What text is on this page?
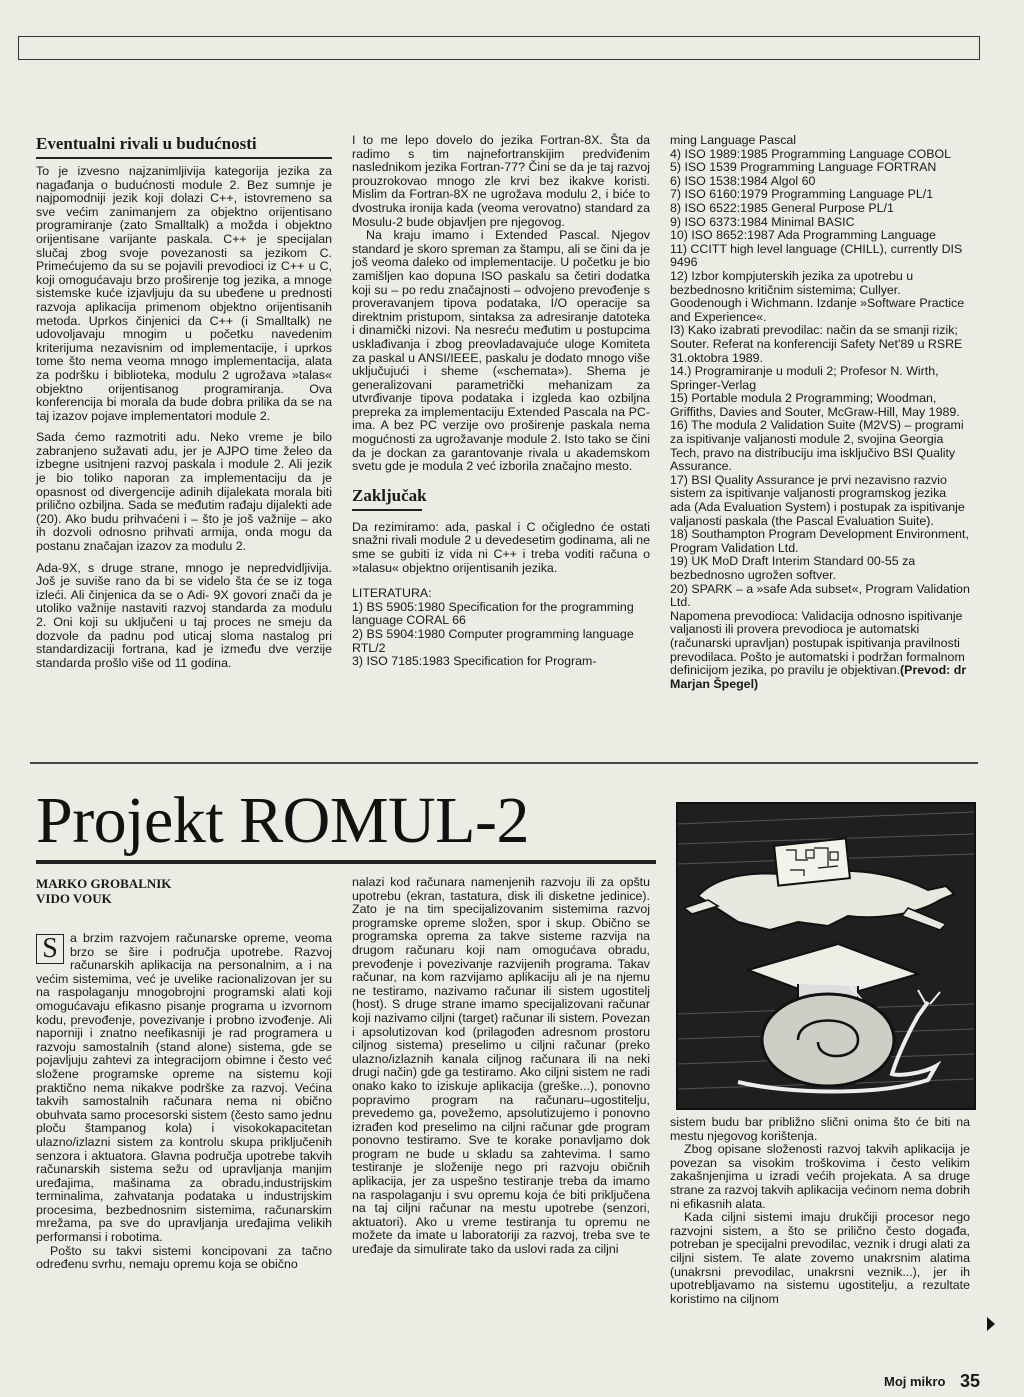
Eventualni rivali u budućnosti

To je izvesno najzanimljivija kategorija jezika za nagađanja o budućnosti module 2. Bez sumnje je najpomodniji jezik koji dolazi C++, istovremeno sa sve većim zanimanjem za objektno orijentisano programiranje (zato Smalltalk) a možda i objektno orijentisane varijante paskala. C++ je specijalan slučaj zbog svoje povezanosti sa jezikom C. Primećujemo da su se pojavili prevodioci iz C++ u C, koji omogućavaju brzo proširenje tog jezika, a mnoge sistemske kuće izjavljuju da su ubeđene u prednosti razvoja aplikacija primenom objektno orijentisanih metoda. Uprkos činjenici da C++ (i Smalltalk) ne udovoljavaju mnogim u početku navedenim kriterijuma nezavisnim od implementacije, i uprkos tome što nema veoma mnogo implementacija, alata za podršku i biblioteka, modulu 2 ugrožava »talas« objektno orijentisanog programiranja. Ova konferencija bi morala da bude dobra prilika da se na taj izazov pojave implementatori module 2.

Sada ćemo razmotriti adu. Neko vreme je bilo zabranjeno sužavati adu, jer je AJPO time želeo da izbegne usitnjeni razvoj paskala i module 2. Ali jezik je bio toliko naporan za implementaciju da je opasnost od divergencije adinih dijalekata morala biti prilično ozbiljna. Sada se međutim rađaju dijalekti ade (20). Ako budu prihvaćeni i – što je još važnije – ako ih dozvoli odnosno prihvati armija, onda mogu da postanu značajan izazov za modulu 2.

Ada-9X, s druge strane, mnogo je nepredvidljivija. Još je suviše rano da bi se videlo šta će se iz toga izleći. Ali činjenica da se o Adi- 9X govori znači da je utoliko važnije nastaviti razvoj standarda za modulu 2. Oni koji su uključeni u taj proces ne smeju da dozvole da padnu pod uticaj sloma nastalog pri standardizaciji fortrana, kad je između dve verzije standarda prošlo više od 11 godina.

I to me lepo dovelo do jezika Fortran-8X. Šta da radimo s tim najnefortranskijim predviđenim naslednikom jezika Fortran-77? Čini se da je taj razvoj prouzrokovao mnogo zle krvi bez ikakve koristi. Mislim da Fortran-8X ne ugrožava modulu 2, i biće to dvostruka ironija kada (veoma verovatno) standard za Mosulu-2 bude objavljen pre njegovog.

Na kraju imamo i Extended Pascal. Njegov standard je skoro spreman za štampu, ali se čini da je još veoma daleko od implementacije. U početku je bio zamišljen kao dopuna ISO paskalu sa četiri dodatka koji su – po redu značajnosti – odvojeno prevođenje s proveravanjem tipova podataka, I/O operacije sa direktnim pristupom, sintaksa za adresiranje datoteka i dinamički nizovi. Na nesreću međutim u postupcima usklađivanja i zbog preovladavajuće uloge Komiteta za paskal u ANSI/IEEE, paskalu je dodato mnogo više uključujući i sheme («schemata»). Shema je generalizovani parametrički mehanizam za utvrđivanje tipova podataka i izgleda kao ozbiljna prepreka za implementaciju Extended Pascala na PC-ima. A bez PC verzije ovo proširenje paskala nema mogućnosti za ugrožavanje module 2. Isto tako se čini da je dockan za garantovanje rivala u akademskom svetu gde je modula 2 već izborila značajno mesto.

Zaključak

Da rezimiramo: ada, paskal i C očigledno će ostati snažni rivali module 2 u devedesetim godinama, ali ne sme se gubiti iz vida ni C++ i treba voditi računa o »talasu« objektno orijentisanih jezika.

LITERATURA:

1) BS 5905:1980 Specification for the programming language CORAL 66

2) BS 5904:1980 Computer programming language RTL/2

3) ISO 7185:1983 Specification for Program-

ming Language Pascal

4) ISO 1989:1985 Programming Language COBOL

5) ISO 1539 Programming Language FORTRAN

6) ISO 1538:1984 Algol 60

7) ISO 6160:1979 Programming Language PL/1

8) ISO 6522:1985 General Purpose PL/1

9) ISO 6373:1984 Minimal BASIC

10) ISO 8652:1987 Ada Programming Language

11) CCITT high level language (CHILL), currently DIS 9496

12) Izbor kompjuterskih jezika za upotrebu u bezbednosno kritičnim sistemima; Cullyer. Goodenough i Wichmann. Izdanje »Software Practice and Experience«.

I3) Kako izabrati prevodilac: način da se smanji rizik; Souter. Referat na konferenciji Safety Net'89 u RSRE 31.oktobra 1989.

14.) Programiranje u moduli 2; Profesor N. Wirth, Springer-Verlag

15) Portable modula 2 Programming; Woodman, Griffiths, Davies and Souter, McGraw-Hill, May 1989.

16) The modula 2 Validation Suite (M2VS) – programi za ispitivanje valjanosti module 2, svojina Georgia Tech, pravo na distribuciju ima isključivo BSI Quality Assurance.

17) BSI Quality Assurance je prvi nezavisno razvio sistem za ispitivanje valjanosti programskog jezika ada (Ada Evaluation System) i postupak za ispitivanje valjanosti paskala (the Pascal Evaluation Suite).

18) Southampton Program Development Environment, Program Validation Ltd.

19) UK MoD Draft Interim Standard 00-55 za bezbednosno ugrožen softver.

20) SPARK – a »safe Ada subset«, Program Validation Ltd.

Napomena prevodioca: Validacija odnosno ispitivanje valjanosti ili provera prevodioca je automatski (računarski upravljan) postupak ispitivanja pravilnosti prevodilaca. Pošto je automatski i podržan formalnom definicijom jezika, po pravilu je objektivan.(Prevod: dr Marjan Špegel)

Projekt ROMUL-2
MARKO GROBALNIK
VIDO VOUK

S a brzim razvojem računarske opreme, veoma brzo se šire i područja upotrebe. Razvoj računarskih aplikacija na personalnim, a i na većim sistemima, već je uvelike racionalizovan jer su na raspolaganju mnogobrojni programski alati koji omogućavaju efikasno pisanje programa u izvornom kodu, prevođenje, povezivanje i probno izvođenje. Ali naporniji i znatno neefikasniji je rad programera u razvoju samostalnih (stand alone) sistema, gde se pojavljuju zahtevi za integracijom obimne i često već složene programske opreme na sistemu koji praktično nema nikakve podrške za razvoj. Većina takvih samostalnih računara nema ni obično obuhvata samo procesorski sistem (često samo jednu ploču štampanog kola) i visokokapacitetan ulazno/izlazni sistem za kontrolu skupa priključenih senzora i aktuatora. Glavna područja upotrebe takvih računarskih sistema sežu od upravljanja manjim uređajima, mašinama za obradu,industrijskim terminalima, zahvatanja podataka u industrijskim procesima, bezbednosnim sistemima, računarskim mrežama, pa sve do upravljanja uređajima velikih performansi i robotima.

Pošto su takvi sistemi koncipovani za tačno određenu svrhu, nemaju opremu koja se obično

nalazi kod računara namenjenih razvoju ili za opštu upotrebu (ekran, tastatura, disk ili disketne jedinice). Zato je na tim specijalizovanim sistemima razvoj programske opreme složen, spor i skup. Obično se programska oprema za takve sisteme razvija na drugom računaru koji nam omogućava obradu, prevođenje i povezivanje razvijenih programa. Takav računar, na kom razvijamo aplikaciju ali je na njemu ne testiramo, nazivamo računar ili sistem ugostitelj (host). S druge strane imamo specijalizovani računar koji nazivamo ciljni (target) računar ili sistem. Povezan i apsolutizovan kod (prilagođen adresnom prostoru ciljnog sistema) preselimo u ciljni računar (preko ulazno/izlaznih kanala ciljnog računara ili na neki drugi način) gde ga testiramo. Ako ciljni sistem ne radi onako kako to iziskuje aplikacija (greške...), ponovno popravimo program na računaru–ugostitelju, prevedemo ga, povežemo, apsolutizujemo i ponovno izrađen kod preselimo na ciljni računar gde program ponovno testiramo. Sve te korake ponavljamo dok program ne bude u skladu sa zahtevima. I samo testiranje je složenije nego pri razvoju običnih aplikacija, jer za uspešno testiranje treba da imamo na raspolaganju i svu opremu koja će biti priključena na taj ciljni računar na mestu upotrebe (senzori, aktuatori). Ako u vreme testiranja tu opremu ne možete da imate u laboratoriji za razvoj, treba sve te uređaje da simulirate tako da uslovi rada za ciljni

sistem budu bar približno slični onima što će biti na mestu njegovog korištenja.

Zbog opisane složenosti razvoj takvih aplikacija je povezan sa visokim troškovima i često velikim zakašnjenjima u izradi većih projekata. A sa druge strane za razvoj takvih aplikacija većinom nema dobrih ni efikasnih alata.

Kada ciljni sistemi imaju drukčiji procesor nego razvojni sistem, a što se prilično često događa, potreban je specijalni prevodilac, veznik i drugi alati za ciljni sistem. Te alate zovemo unakrsnim alatima (unakrsni prevodilac, unakrsni veznik...), jer ih upotrebljavamo na sistemu ugostitelju, a rezultate koristimo na ciljnom

Moj mikro 35
